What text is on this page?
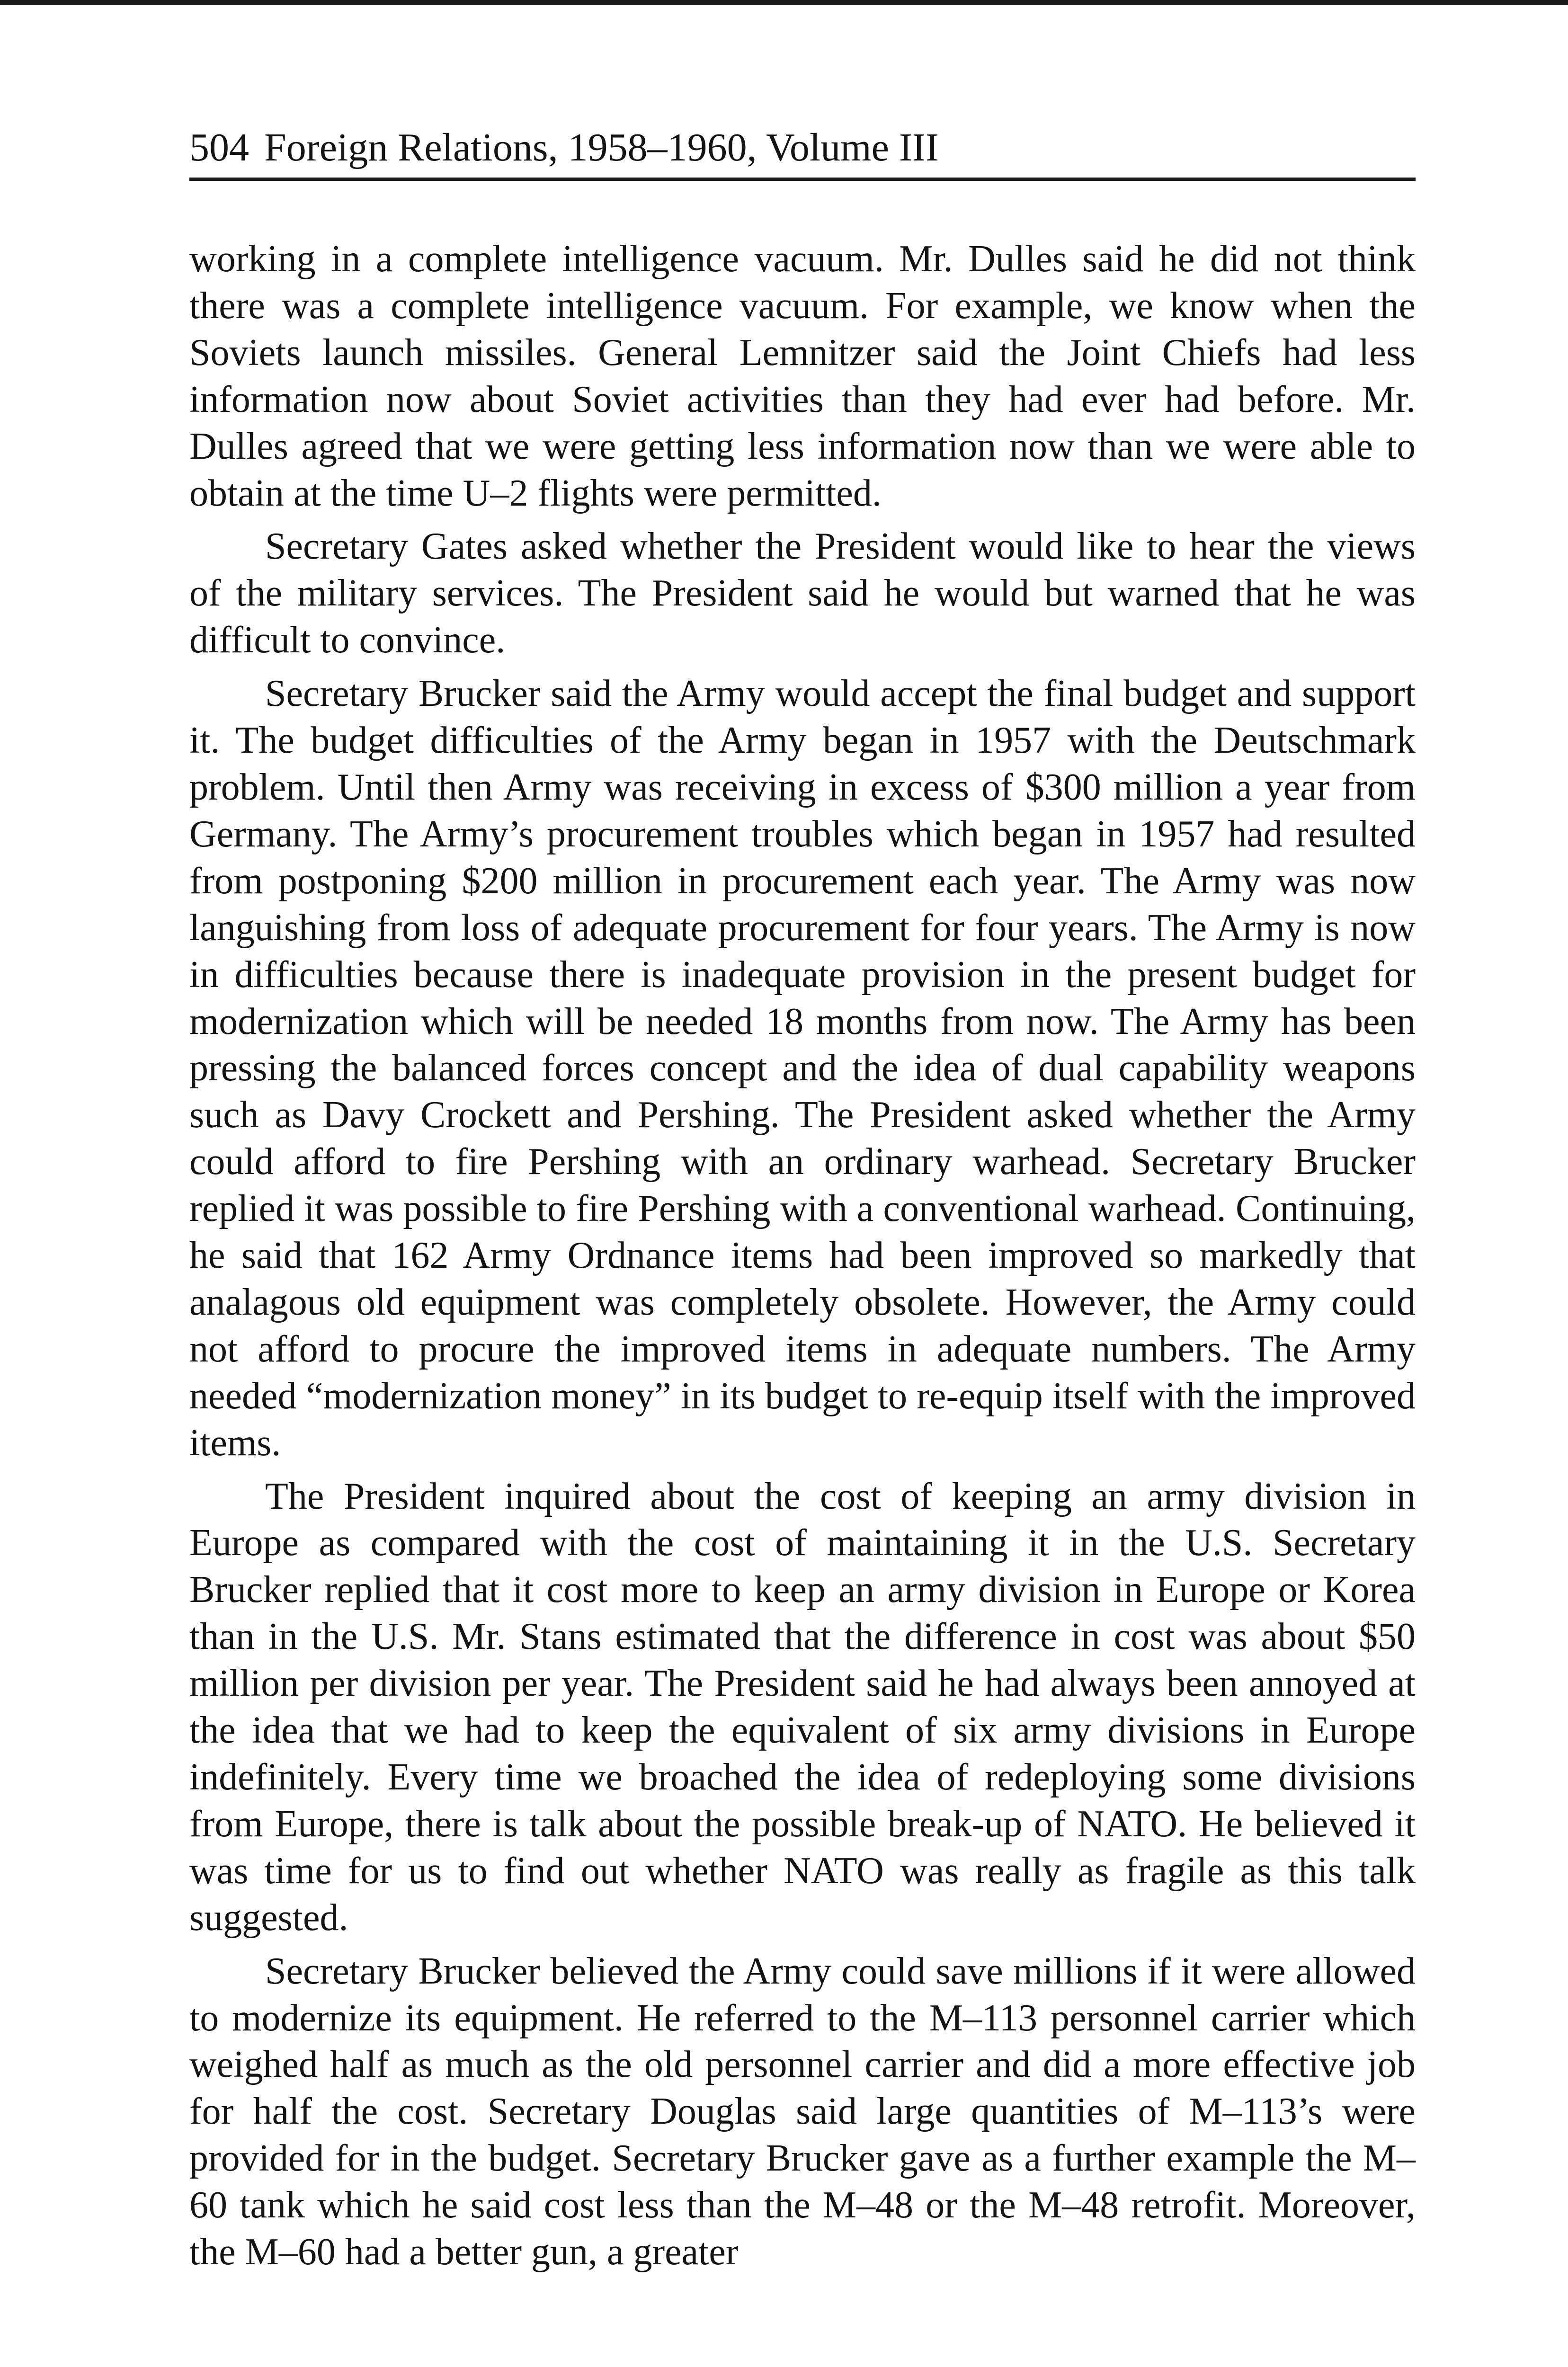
504 Foreign Relations, 1958–1960, Volume III

working in a complete intelligence vacuum. Mr. Dulles said he did not think there was a complete intelligence vacuum. For example, we know when the Soviets launch missiles. General Lemnitzer said the Joint Chiefs had less information now about Soviet activities than they had ever had before. Mr. Dulles agreed that we were getting less information now than we were able to obtain at the time U–2 flights were permitted.

Secretary Gates asked whether the President would like to hear the views of the military services. The President said he would but warned that he was difficult to convince.

Secretary Brucker said the Army would accept the final budget and support it. The budget difficulties of the Army began in 1957 with the Deutschmark problem. Until then Army was receiving in excess of $300 million a year from Germany. The Army’s procurement troubles which began in 1957 had resulted from postponing $200 million in procurement each year. The Army was now languishing from loss of adequate procurement for four years. The Army is now in difficulties because there is inadequate provision in the present budget for modernization which will be needed 18 months from now. The Army has been pressing the balanced forces concept and the idea of dual capability weapons such as Davy Crockett and Pershing. The President asked whether the Army could afford to fire Pershing with an ordinary warhead. Secretary Brucker replied it was possible to fire Pershing with a conventional warhead. Continuing, he said that 162 Army Ordnance items had been improved so markedly that analagous old equipment was completely obsolete. However, the Army could not afford to procure the improved items in adequate numbers. The Army needed “modernization money” in its budget to re-equip itself with the improved items.

The President inquired about the cost of keeping an army division in Europe as compared with the cost of maintaining it in the U.S. Secretary Brucker replied that it cost more to keep an army division in Europe or Korea than in the U.S. Mr. Stans estimated that the difference in cost was about $50 million per division per year. The President said he had always been annoyed at the idea that we had to keep the equivalent of six army divisions in Europe indefinitely. Every time we broached the idea of redeploying some divisions from Europe, there is talk about the possible break-up of NATO. He believed it was time for us to find out whether NATO was really as fragile as this talk suggested.

Secretary Brucker believed the Army could save millions if it were allowed to modernize its equipment. He referred to the M–113 personnel carrier which weighed half as much as the old personnel carrier and did a more effective job for half the cost. Secretary Douglas said large quantities of M–113’s were provided for in the budget. Secretary Brucker gave as a further example the M–60 tank which he said cost less than the M–48 or the M–48 retrofit. Moreover, the M–60 had a better gun, a greater
